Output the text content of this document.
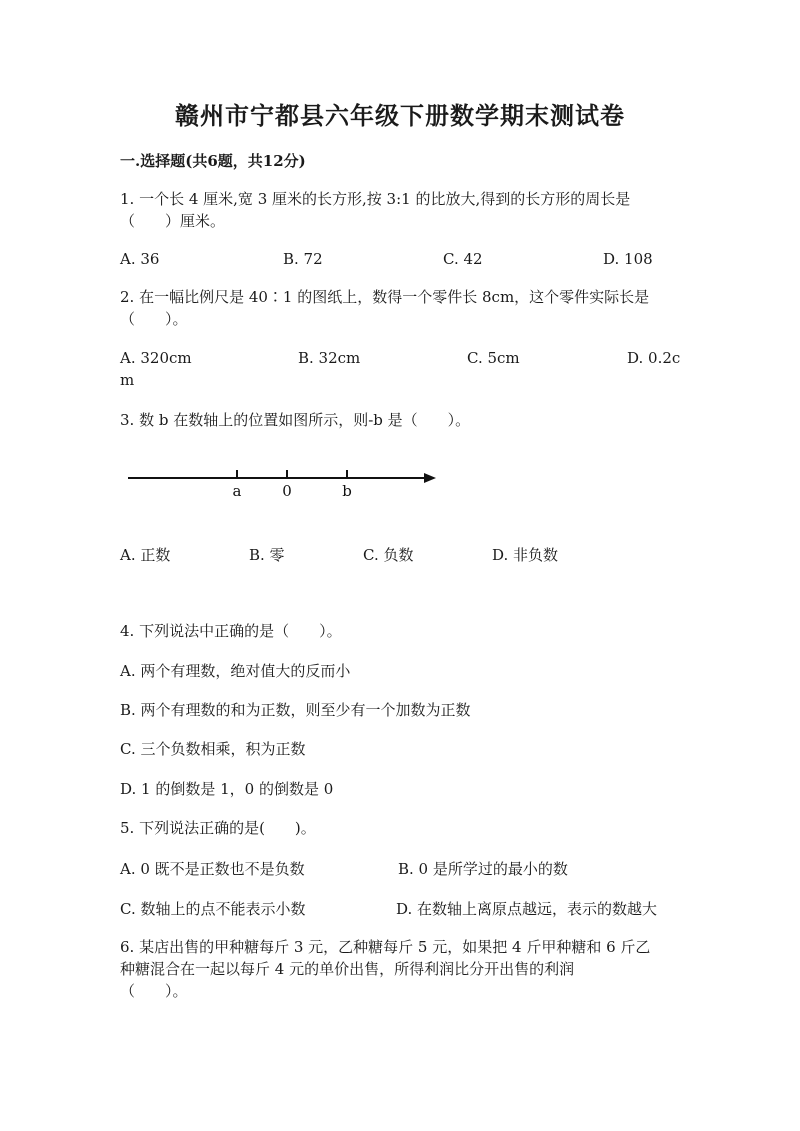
赣州市宁都县六年级下册数学期末测试卷
一.选择题(共6题，共12分)
1. 一个长 4 厘米,宽 3 厘米的长方形,按 3:1 的比放大,得到的长方形的周长是
（　　）厘米。
A. 36	B. 72	C. 42	D. 108
2. 在一幅比例尺是 40∶1 的图纸上，数得一个零件长 8cm，这个零件实际长是
（　　）。
A. 320cm	B. 32cm	C. 5cm	D. 0.2c
m
3. 数 b 在数轴上的位置如图所示，则-b 是（　　）。
a	0	b
A. 正数	B. 零	C. 负数	D. 非负数
4. 下列说法中正确的是（　　）。
A. 两个有理数，绝对值大的反而小
B. 两个有理数的和为正数，则至少有一个加数为正数
C. 三个负数相乘，积为正数
D. 1 的倒数是 1，0 的倒数是 0
5. 下列说法正确的是(　　)。
A. 0 既不是正数也不是负数	B. 0 是所学过的最小的数
C. 数轴上的点不能表示小数	D. 在数轴上离原点越远，表示的数越大
6. 某店出售的甲种糖每斤 3 元，乙种糖每斤 5 元，如果把 4 斤甲种糖和 6 斤乙
种糖混合在一起以每斤 4 元的单价出售，所得利润比分开出售的利润
（　　）。
